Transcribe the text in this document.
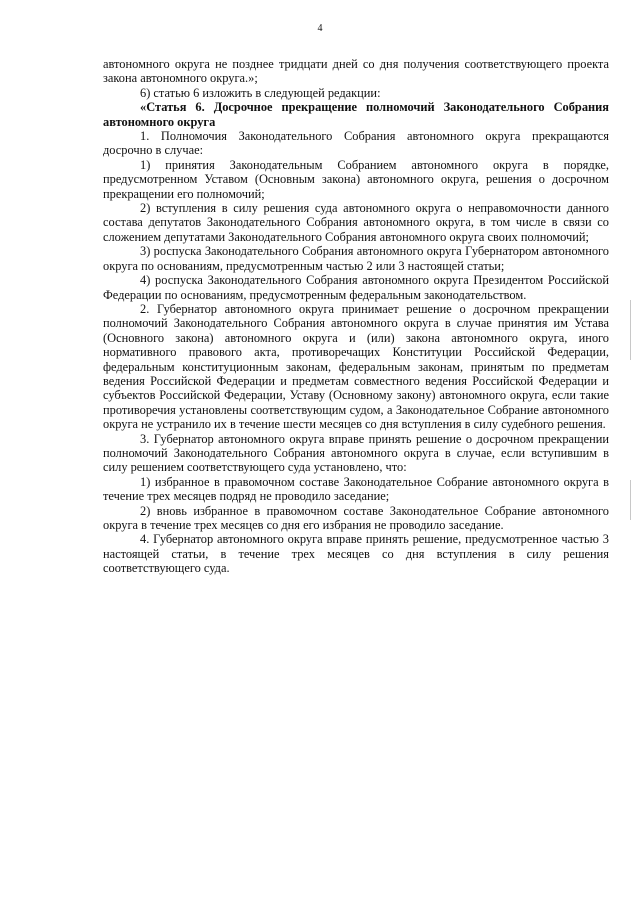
4

автономного округа не позднее тридцати дней со дня получения соответствующего проекта закона автономного округа.»;

6) статью 6 изложить в следующей редакции:

«Статья 6. Досрочное прекращение полномочий Законодательного Собрания автономного округа

1. Полномочия Законодательного Собрания автономного округа прекращаются досрочно в случае:

1) принятия Законодательным Собранием автономного округа в порядке, предусмотренном Уставом (Основным закона) автономного округа, решения о досрочном прекращении его полномочий;

2) вступления в силу решения суда автономного округа о неправомочности данного состава депутатов Законодательного Собрания автономного округа, в том числе в связи со сложением депутатами Законодательного Собрания автономного округа своих полномочий;

3) роспуска Законодательного Собрания автономного округа Губернатором автономного округа по основаниям, предусмотренным частью 2 или 3 настоящей статьи;

4) роспуска Законодательного Собрания автономного округа Президентом Российской Федерации по основаниям, предусмотренным федеральным законодательством.

2. Губернатор автономного округа принимает решение о досрочном прекращении полномочий Законодательного Собрания автономного округа в случае принятия им Устава (Основного закона) автономного округа и (или) закона автономного округа, иного нормативного правового акта, противоречащих Конституции Российской Федерации, федеральным конституционным законам, федеральным законам, принятым по предметам ведения Российской Федерации и предметам совместного ведения Российской Федерации и субъектов Российской Федерации, Уставу (Основному закону) автономного округа, если такие противоречия установлены соответствующим судом, а Законодательное Собрание автономного округа не устранило их в течение шести месяцев со дня вступления в силу судебного решения.

3. Губернатор автономного округа вправе принять решение о досрочном прекращении полномочий Законодательного Собрания автономного округа в случае, если вступившим в силу решением соответствующего суда установлено, что:

1) избранное в правомочном составе Законодательное Собрание автономного округа в течение трех месяцев подряд не проводило заседание;

2) вновь избранное в правомочном составе Законодательное Собрание автономного округа в течение трех месяцев со дня его избрания не проводило заседание.

4. Губернатор автономного округа вправе принять решение, предусмотренное частью 3 настоящей статьи, в течение трех месяцев со дня вступления в силу решения соответствующего суда.
